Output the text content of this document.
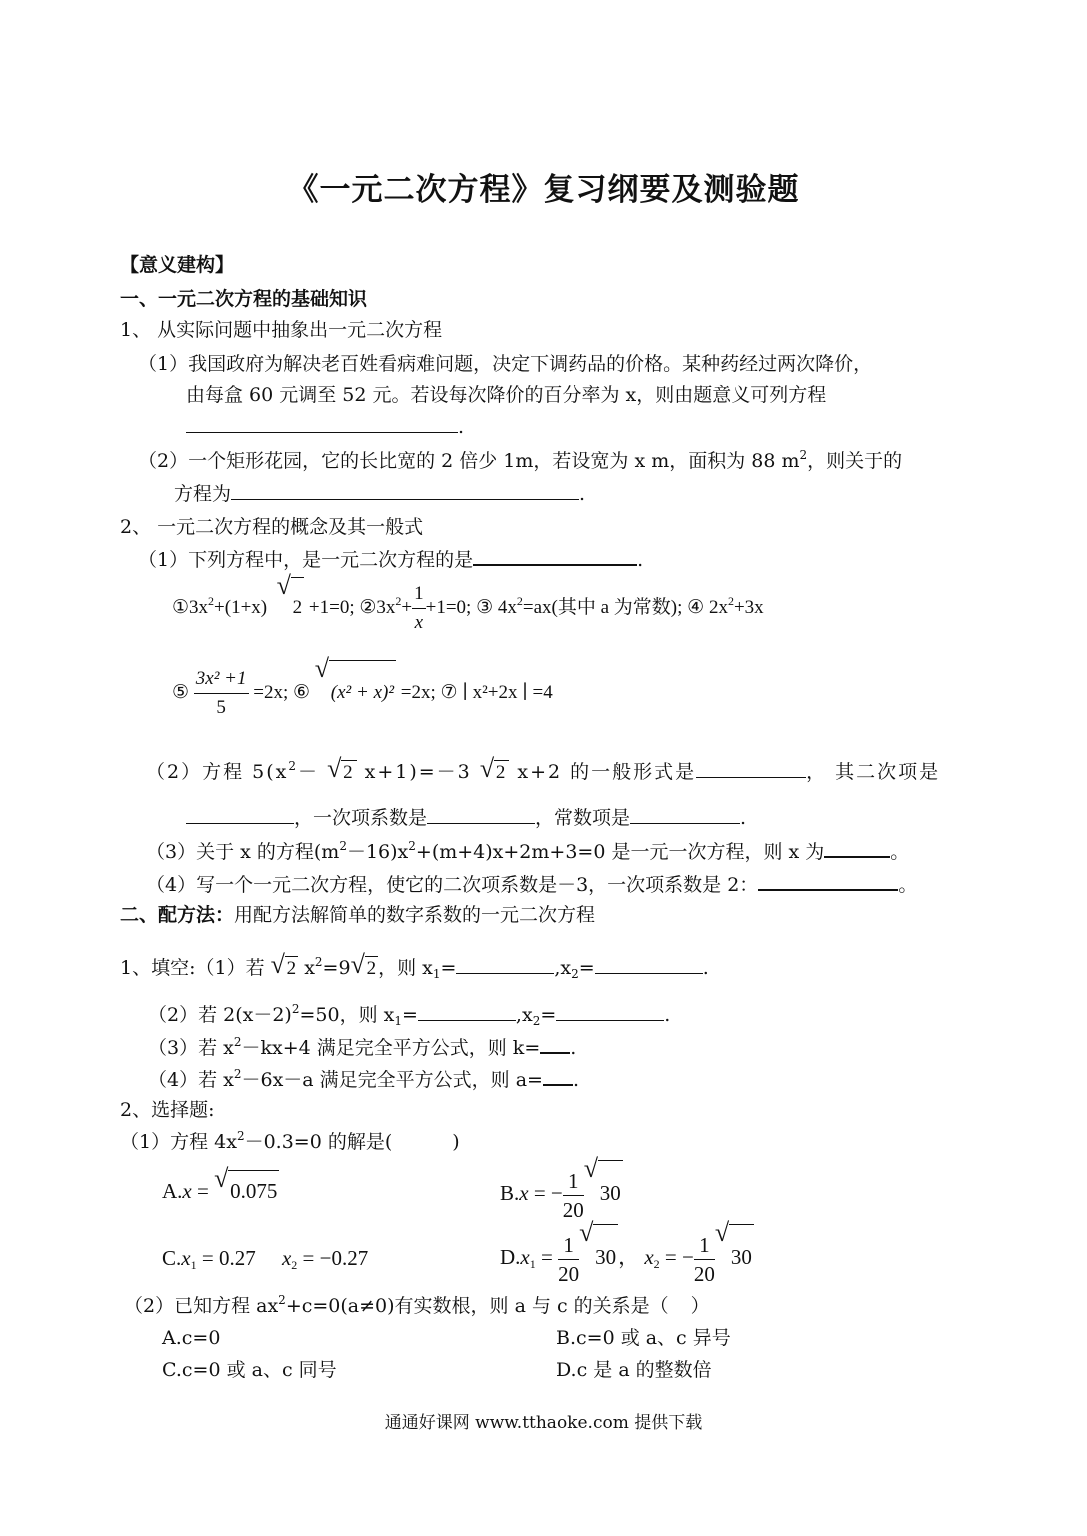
《一元二次方程》复习纲要及测验题
【意义建构】
一、一元二次方程的基础知识
1、 从实际问题中抽象出一元二次方程
（1）我国政府为解决老百姓看病难问题，决定下调药品的价格。某种药经过两次降价，
由每盒 60 元调至 52 元。若设每次降价的百分率为 x，则由题意义可列方程
.
（2）一个矩形花园，它的长比宽的 2 倍少 1m，若设宽为 x m，面积为 88 $m^2$，则关于的
方程为	.
2、 一元二次方程的概念及其一般式
（1）下列方程中，是一元二次方程的是	.
$①3x^2+(1+x)$
√
2 +1=0; $②3x^2+ \frac{1}{x} +1=0$; ③ $4x^2=ax$(其中 a 为常数); ④ $2x^2+3x$
⑤ $\frac{\text{3x² +1}}{5} =2x$; ⑥
√
(x² + x)² =2x; ⑦ ∣ x²+2x ∣ =4
（2）方程 $5(x^2-$ √ 2 x+1)=－3 √ 2 x+2 的一般形式是	， 其二次项是
，一次项系数是	，常数项是	.
（3）关于 x 的方程$(m^2-16)x^2+(m+4)x+2m+3=0$ 是一元一次方程，则 x 为	。
（4）写一个一元二次方程，使它的二次项系数是－3，一次项系数是 2：	。
二、配方法：用配方法解简单的数字系数的一元二次方程
1、填空:（1）若 √ 2 $x^2=9$ √ 2 ，则 $x_1=$	$,x_2=$	.
（2）若 $2(x-2)^2=50$，则 $x_1=$	$,x_2=$	.
（3）若 $x^2-kx+4$ 满足完全平方公式，则 k= .
（4）若 $x^2-6x-a$ 满足完全平方公式，则 a= .
2、选择题:
（1）方程 $4x^2-0.3=0$ 的解是(	)
A.x = √ 0.075	B.x = − $\frac{1}{20}$ √
30
$C.x_1 = 0.27$ $x_2 = -0.27$	$D.x_1 = \frac{1}{20}$ √
30， $x_2$ = − $\frac{1}{20}$ √
30
（2）已知方程 $ax^2+c=0(a\ne 0)$有实数根，则 a 与 c 的关系是（ ）
A.c=0	B.c=0 或 a、c 异号
C.c=0 或 a、c 同号	D.c 是 a 的整数倍
通通好课网 www.tthaoke.com 提供下载
